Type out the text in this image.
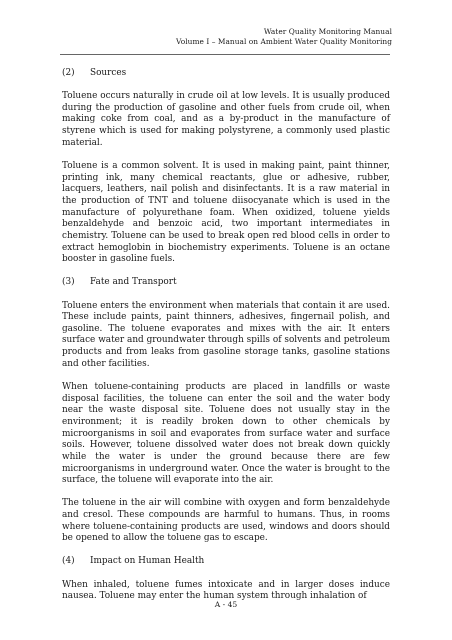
Water Quality Monitoring Manual
Volume I – Manual on Ambient Water Quality Monitoring
(2) Sources

Toluene occurs naturally in crude oil at low levels. It is usually produced during the production of gasoline and other fuels from crude oil, when making coke from coal, and as a by-product in the manufacture of styrene which is used for making polystyrene, a commonly used plastic material.

Toluene is a common solvent. It is used in making paint, paint thinner, printing ink, many chemical reactants, glue or adhesive, rubber, lacquers, leathers, nail polish and disinfectants. It is a raw material in the production of TNT and toluene diisocyanate which is used in the manufacture of polyurethane foam. When oxidized, toluene yields benzaldehyde and benzoic acid, two important intermediates in chemistry. Toluene can be used to break open red blood cells in order to extract hemoglobin in biochemistry experiments. Toluene is an octane booster in gasoline fuels.

(3) Fate and Transport

Toluene enters the environment when materials that contain it are used. These include paints, paint thinners, adhesives, fingernail polish, and gasoline. The toluene evaporates and mixes with the air. It enters surface water and groundwater through spills of solvents and petroleum products and from leaks from gasoline storage tanks, gasoline stations and other facilities.

When toluene-containing products are placed in landfills or waste disposal facilities, the toluene can enter the soil and the water body near the waste disposal site. Toluene does not usually stay in the environment; it is readily broken down to other chemicals by microorganisms in soil and evaporates from surface water and surface soils. However, toluene dissolved water does not break down quickly while the water is under the ground because there are few microorganisms in underground water. Once the water is brought to the surface, the toluene will evaporate into the air.

The toluene in the air will combine with oxygen and form benzaldehyde and cresol. These compounds are harmful to humans. Thus, in rooms where toluene-containing products are used, windows and doors should be opened to allow the toluene gas to escape.

(4) Impact on Human Health

When inhaled, toluene fumes intoxicate and in larger doses induce nausea. Toluene may enter the human system through inhalation of

A - 45
